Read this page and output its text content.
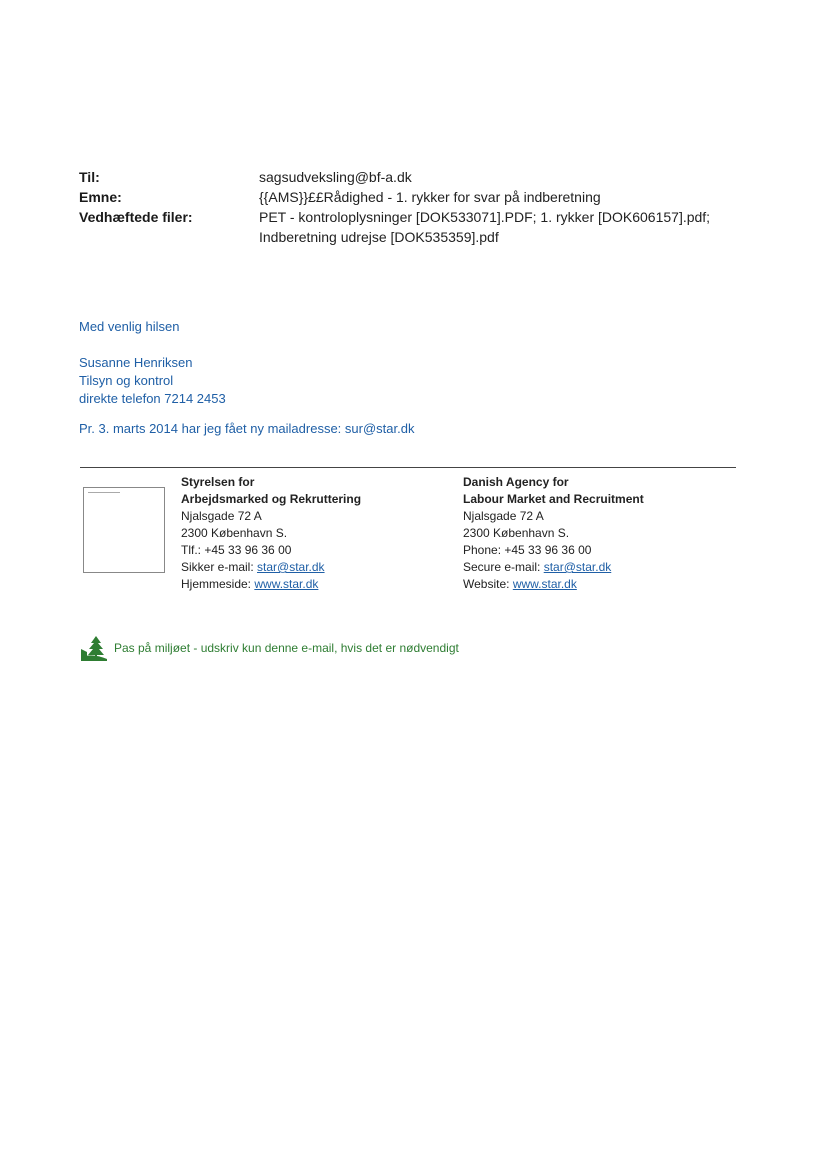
Til:	sagsudveksling@bf-a.dk
Emne:	{{AMS}}££Rådighed - 1. rykker for svar på indberetning
Vedhæftede filer:	PET - kontroloplysninger [DOK533071].PDF; 1. rykker [DOK606157].pdf;
Indberetning udrejse [DOK535359].pdf
Med venlig hilsen
Susanne Henriksen
Tilsyn og kontrol
direkte telefon 7214 2453
Pr. 3. marts 2014 har jeg fået ny mailadresse: sur@star.dk
Styrelsen for
Arbejdsmarked og Rekruttering
Njalsgade 72 A
2300 København S.
Tlf.: +45 33 96 36 00
Sikker e-mail: star@star.dk
Hjemmeside: www.star.dk
Danish Agency for
Labour Market and Recruitment
Njalsgade 72 A
2300 København S.
Phone: +45 33 96 36 00
Secure e-mail: star@star.dk
Website: www.star.dk
Pas på miljøet - udskriv kun denne e-mail, hvis det er nødvendigt
